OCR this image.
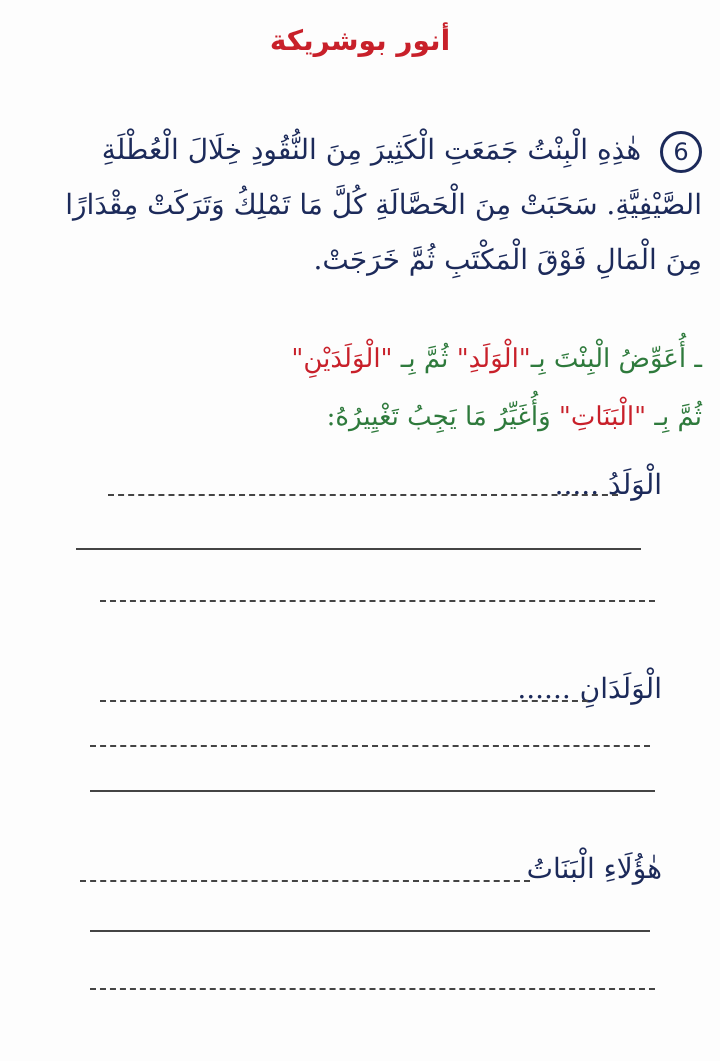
أنور بوشريكة
6 هٰذِهِ الْبِنْتُ جَمَعَتِ الْكَثِيرَ مِنَ النُّقُودِ خِلَالَ الْعُطْلَةِ الصَّيْفِيَّةِ. سَحَبَتْ مِنَ الْحَصَّالَةِ كُلَّ مَا تَمْلِكُ وَتَرَكَتْ مِقْدَارًا مِنَ الْمَالِ فَوْقَ الْمَكْتَبِ ثُمَّ خَرَجَتْ.
ـ أُعَوِّضُ الْبِنْتَ بِـ"الْوَلَدِ" ثُمَّ بِـ "الْوَلَدَيْنِ"
ثُمَّ بِـ "الْبَنَاتِ" وَأُغَيِّرُ مَا يَجِبُ تَغْيِيرُهُ:
الْوَلَدُ .....
الْوَلَدَانِ ......
هٰؤُلَاءِ الْبَنَاتُ
